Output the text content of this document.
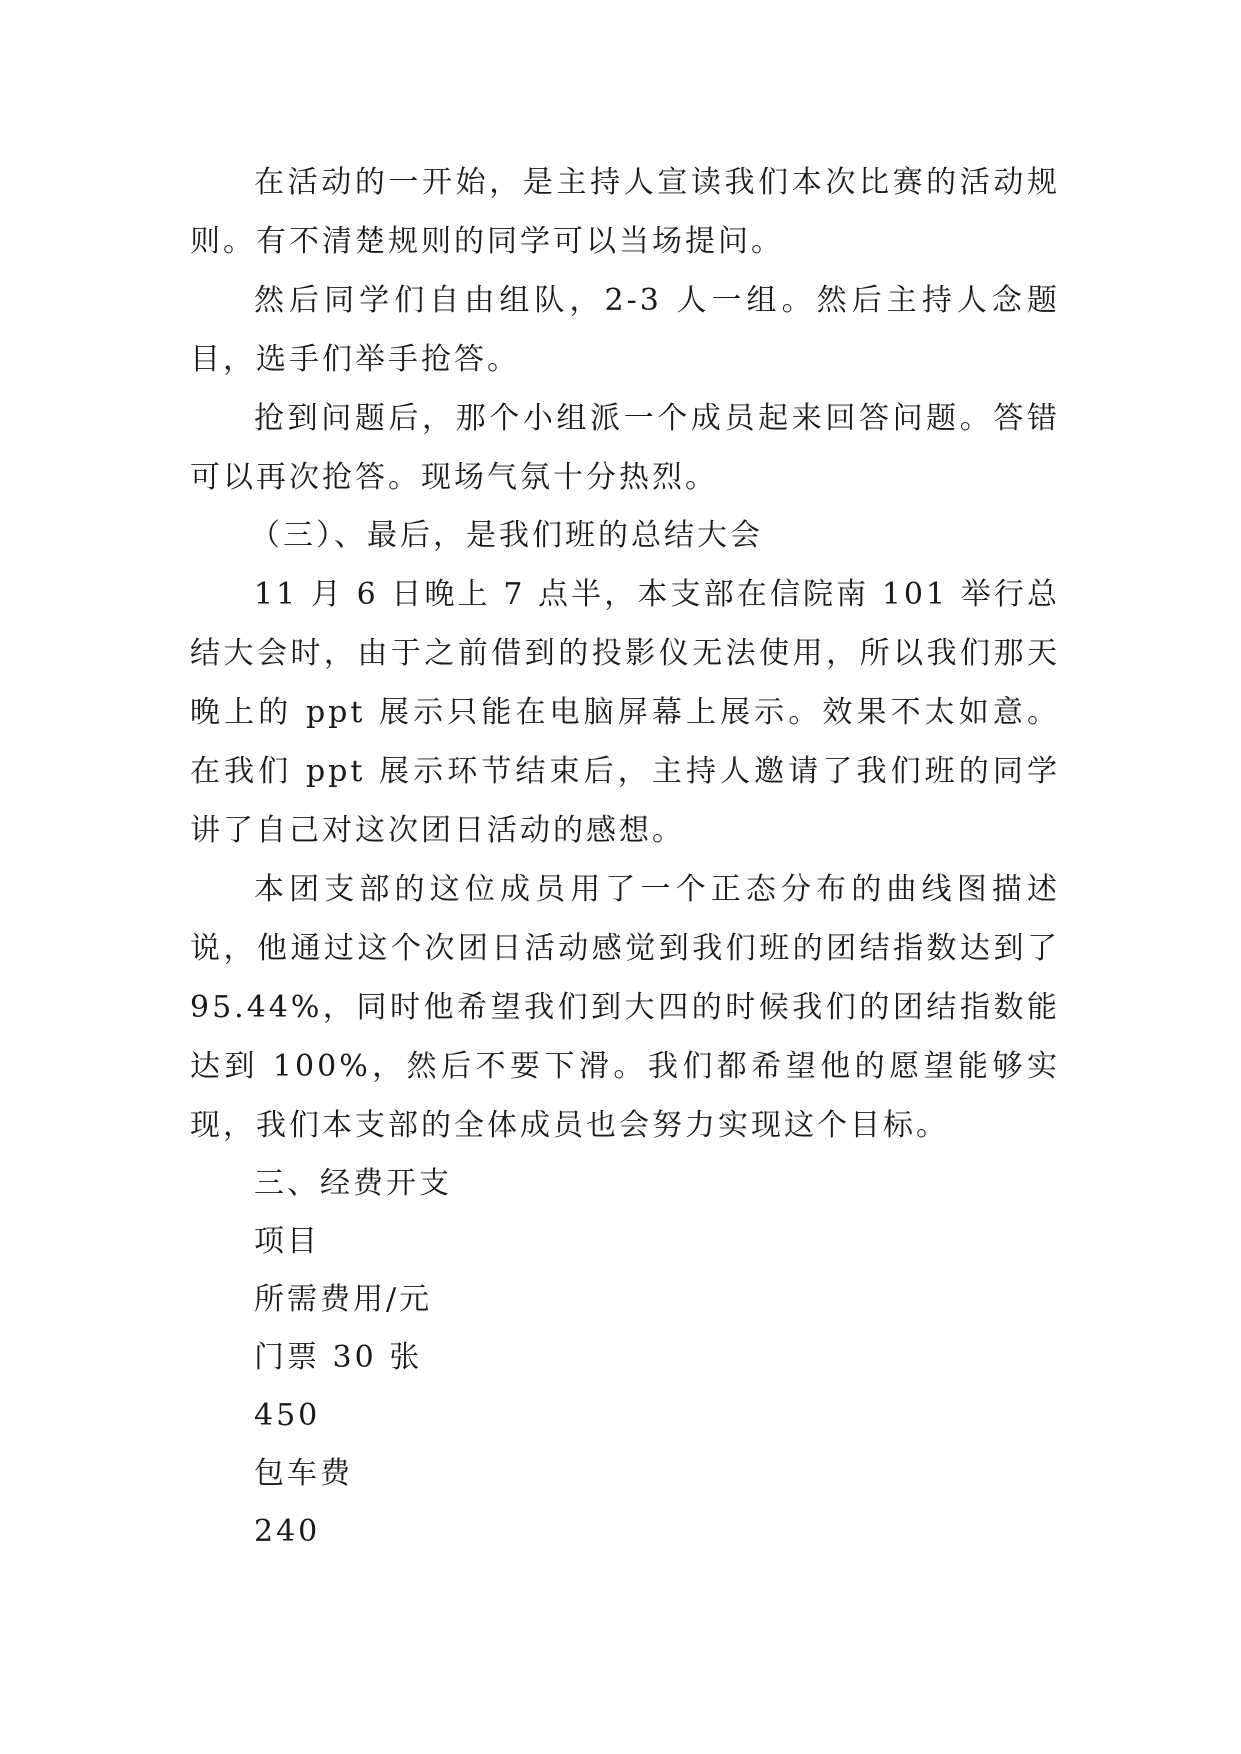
在活动的一开始，是主持人宣读我们本次比赛的活动规则。有不清楚规则的同学可以当场提问。

然后同学们自由组队，2-3 人一组。然后主持人念题目，选手们举手抢答。

抢到问题后，那个小组派一个成员起来回答问题。答错可以再次抢答。现场气氛十分热烈。

（三）、最后，是我们班的总结大会

11 月 6 日晚上 7 点半，本支部在信院南 101 举行总结大会时，由于之前借到的投影仪无法使用，所以我们那天晚上的 ppt 展示只能在电脑屏幕上展示。效果不太如意。在我们 ppt 展示环节结束后，主持人邀请了我们班的同学讲了自己对这次团日活动的感想。

本团支部的这位成员用了一个正态分布的曲线图描述说，他通过这个次团日活动感觉到我们班的团结指数达到了 95.44%，同时他希望我们到大四的时候我们的团结指数能达到 100%，然后不要下滑。我们都希望他的愿望能够实现，我们本支部的全体成员也会努力实现这个目标。

三、经费开支

项目

所需费用/元

门票 30 张

450

包车费

240
